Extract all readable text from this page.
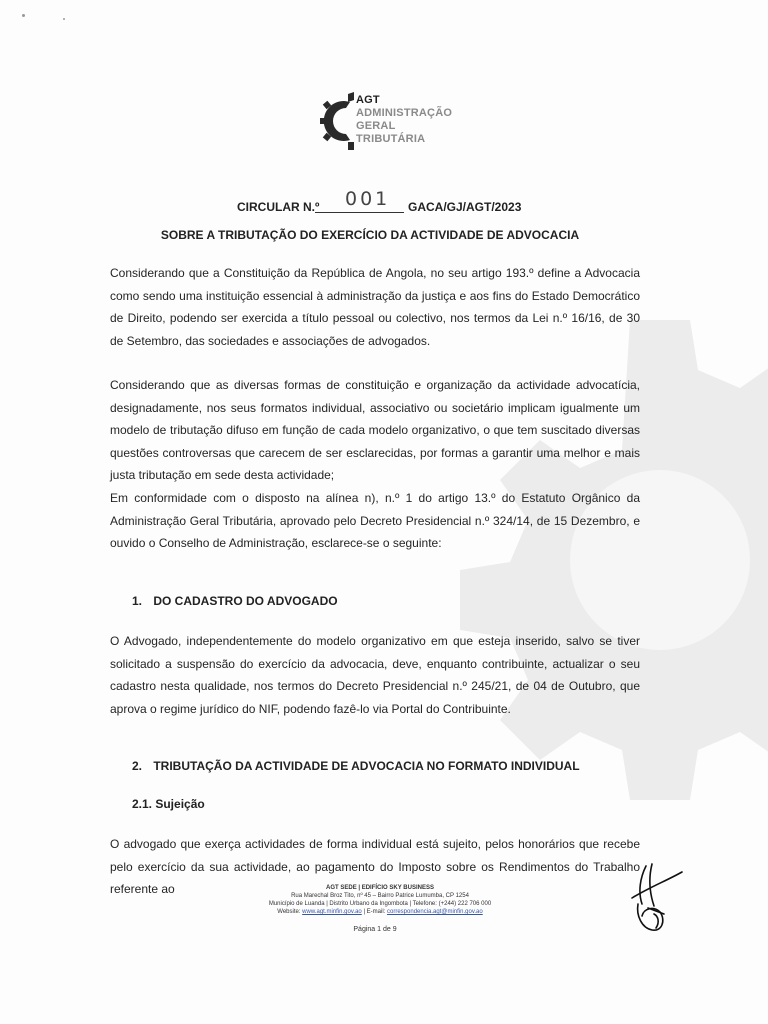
AGT
ADMINISTRAÇÃO
GERAL
TRIBUTÁRIA
CIRCULAR N.º 001 GACA/GJ/AGT/2023
SOBRE A TRIBUTAÇÃO DO EXERCÍCIO DA ACTIVIDADE DE ADVOCACIA

Considerando que a Constituição da República de Angola, no seu artigo 193.º define a Advocacia como sendo uma instituição essencial à administração da justiça e aos fins do Estado Democrático de Direito, podendo ser exercida a título pessoal ou colectivo, nos termos da Lei n.º 16/16, de 30 de Setembro, das sociedades e associações de advogados.

Considerando que as diversas formas de constituição e organização da actividade advocatícia, designadamente, nos seus formatos individual, associativo ou societário implicam igualmente um modelo de tributação difuso em função de cada modelo organizativo, o que tem suscitado diversas questões controversas que carecem de ser esclarecidas, por formas a garantir uma melhor e mais justa tributação em sede desta actividade;

Em conformidade com o disposto na alínea n), n.º 1 do artigo 13.º do Estatuto Orgânico da Administração Geral Tributária, aprovado pelo Decreto Presidencial n.º 324/14, de 15 Dezembro, e ouvido o Conselho de Administração, esclarece-se o seguinte:

1. DO CADASTRO DO ADVOGADO

O Advogado, independentemente do modelo organizativo em que esteja inserido, salvo se tiver solicitado a suspensão do exercício da advocacia, deve, enquanto contribuinte, actualizar o seu cadastro nesta qualidade, nos termos do Decreto Presidencial n.º 245/21, de 04 de Outubro, que aprova o regime jurídico do NIF, podendo fazê-lo via Portal do Contribuinte.

2. TRIBUTAÇÃO DA ACTIVIDADE DE ADVOCACIA NO FORMATO INDIVIDUAL
2.1. Sujeição

O advogado que exerça actividades de forma individual está sujeito, pelos honorários que recebe pelo exercício da sua actividade, ao pagamento do Imposto sobre os Rendimentos do Trabalho referente ao	AGT SEDE | EDIFÍCIO SKY BUSINESS
Rua Marechal Broz Tito, nº 45 – Bairro Patrice Lumumba, CP 1254
Município de Luanda | Distrito Urbano da Ingombota | Telefone: (+244) 222 706 000
Website: www.agt.minfin.gov.ao | E-mail: correspondencia.agt@minfin.gov.ao
Página 1 de 9
